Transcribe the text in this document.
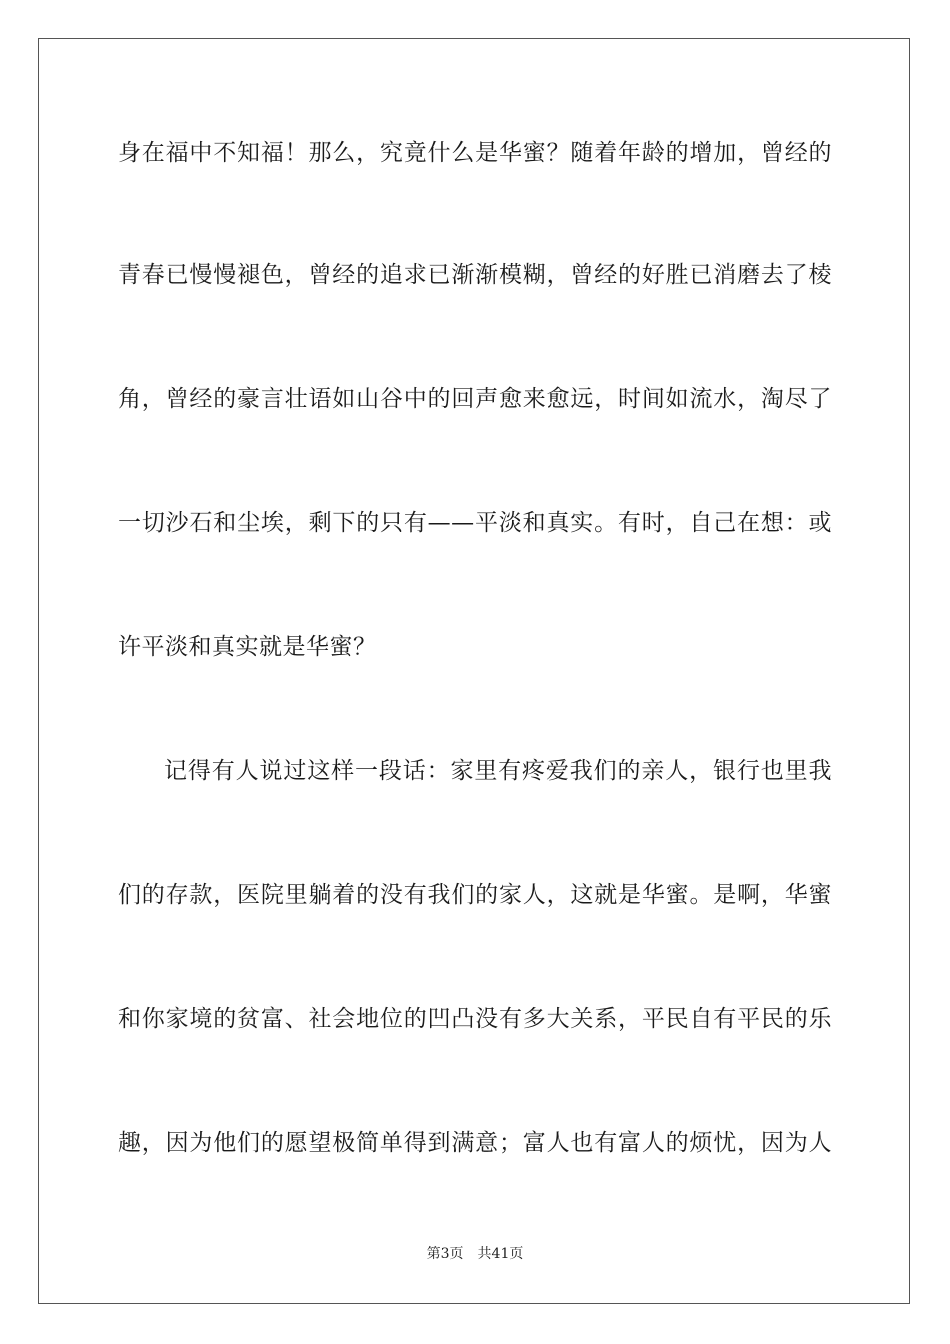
身在福中不知福！那么，究竟什么是华蜜？随着年龄的增加，曾经的
青春已慢慢褪色，曾经的追求已渐渐模糊，曾经的好胜已消磨去了棱
角，曾经的豪言壮语如山谷中的回声愈来愈远，时间如流水，淘尽了
一切沙石和尘埃，剩下的只有——平淡和真实。有时，自己在想：或
许平淡和真实就是华蜜？
记得有人说过这样一段话：家里有疼爱我们的亲人，银行也里我
们的存款，医院里躺着的没有我们的家人，这就是华蜜。是啊，华蜜
和你家境的贫富、社会地位的凹凸没有多大关系，平民自有平民的乐
趣，因为他们的愿望极简单得到满意；富人也有富人的烦忧，因为人
第3页 共41页
